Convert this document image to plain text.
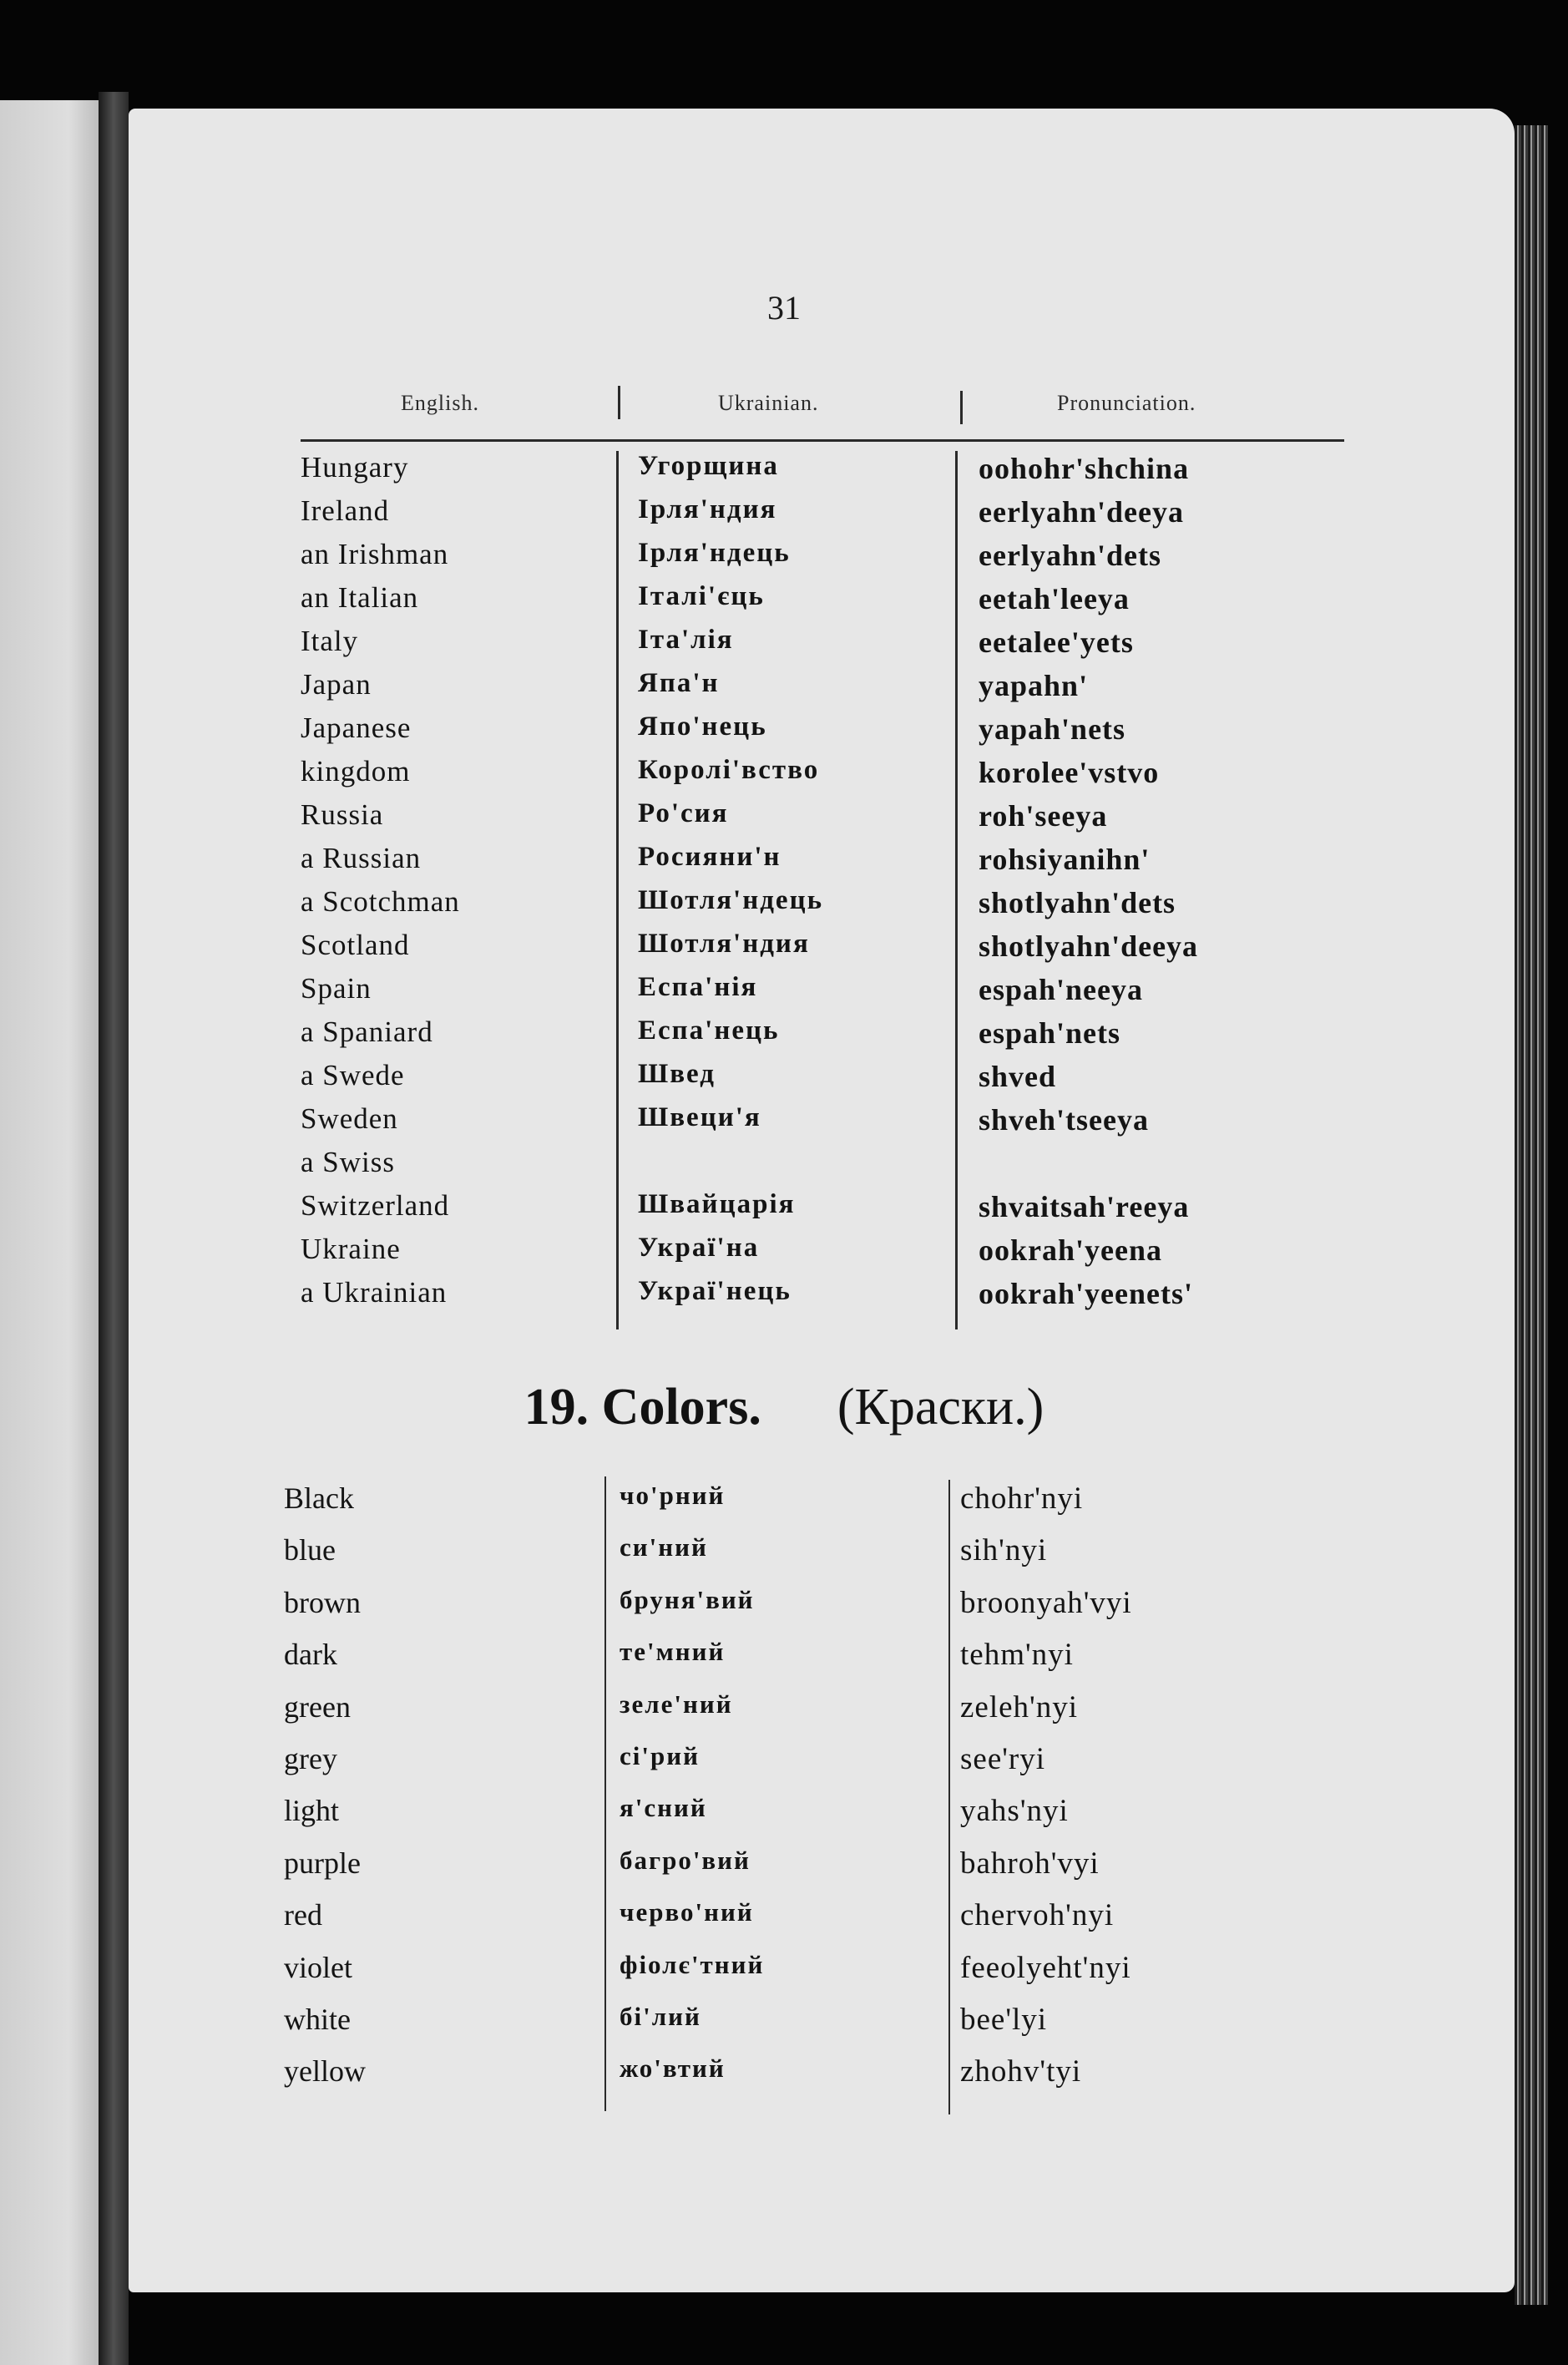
31
English.	Ukrainian.	Pronunciation.
Hungary	Угорщина	oohohr'shchina
Ireland	Ірля'ндия	eerlyahn'deeya
an Irishman	Ірля'ндець	eerlyahn'dets
an Italian	Італі'єць	eetah'leeya
Italy	Іта'лія	eetalee'yets
Japan	Япа'н	yapahn'
Japanese	Япо'нець	yapah'nets
kingdom	Королі'вство	korolee'vstvo
Russia	Ро'сия	roh'seeya
a Russian	Росияни'н	rohsiyanihn'
a Scotchman	Шотля'ндець	shotlyahn'dets
Scotland	Шотля'ндия	shotlyahn'deeya
Spain	Еспа'нія	espah'neeya
a Spaniard	Еспа'нець	espah'nets
a Swede	Швед	shved
Sweden	Швеци'я	shveh'tseeya
a Swiss
Switzerland	Швайцарія	shvaitsah'reeya
Ukraine	Украї'на	ookrah'yeena
a Ukrainian	Украї'нець	ookrah'yeenets'
19. Colors. (Краски.)
Black	чо'рний	chohr'nyi
blue	си'ний	sih'nyi
brown	бруня'вий	broonyah'vyi
dark	те'мний	tehm'nyi
green	зеле'ний	zeleh'nyi
grey	сі'рий	see'ryi
light	я'сний	yahs'nyi
purple	багро'вий	bahroh'vyi
red	черво'ний	chervoh'nyi
violet	фіолє'тний	feeolyeht'nyi
white	бі'лий	bee'lyi
yellow	жо'втий	zhohv'tyi
